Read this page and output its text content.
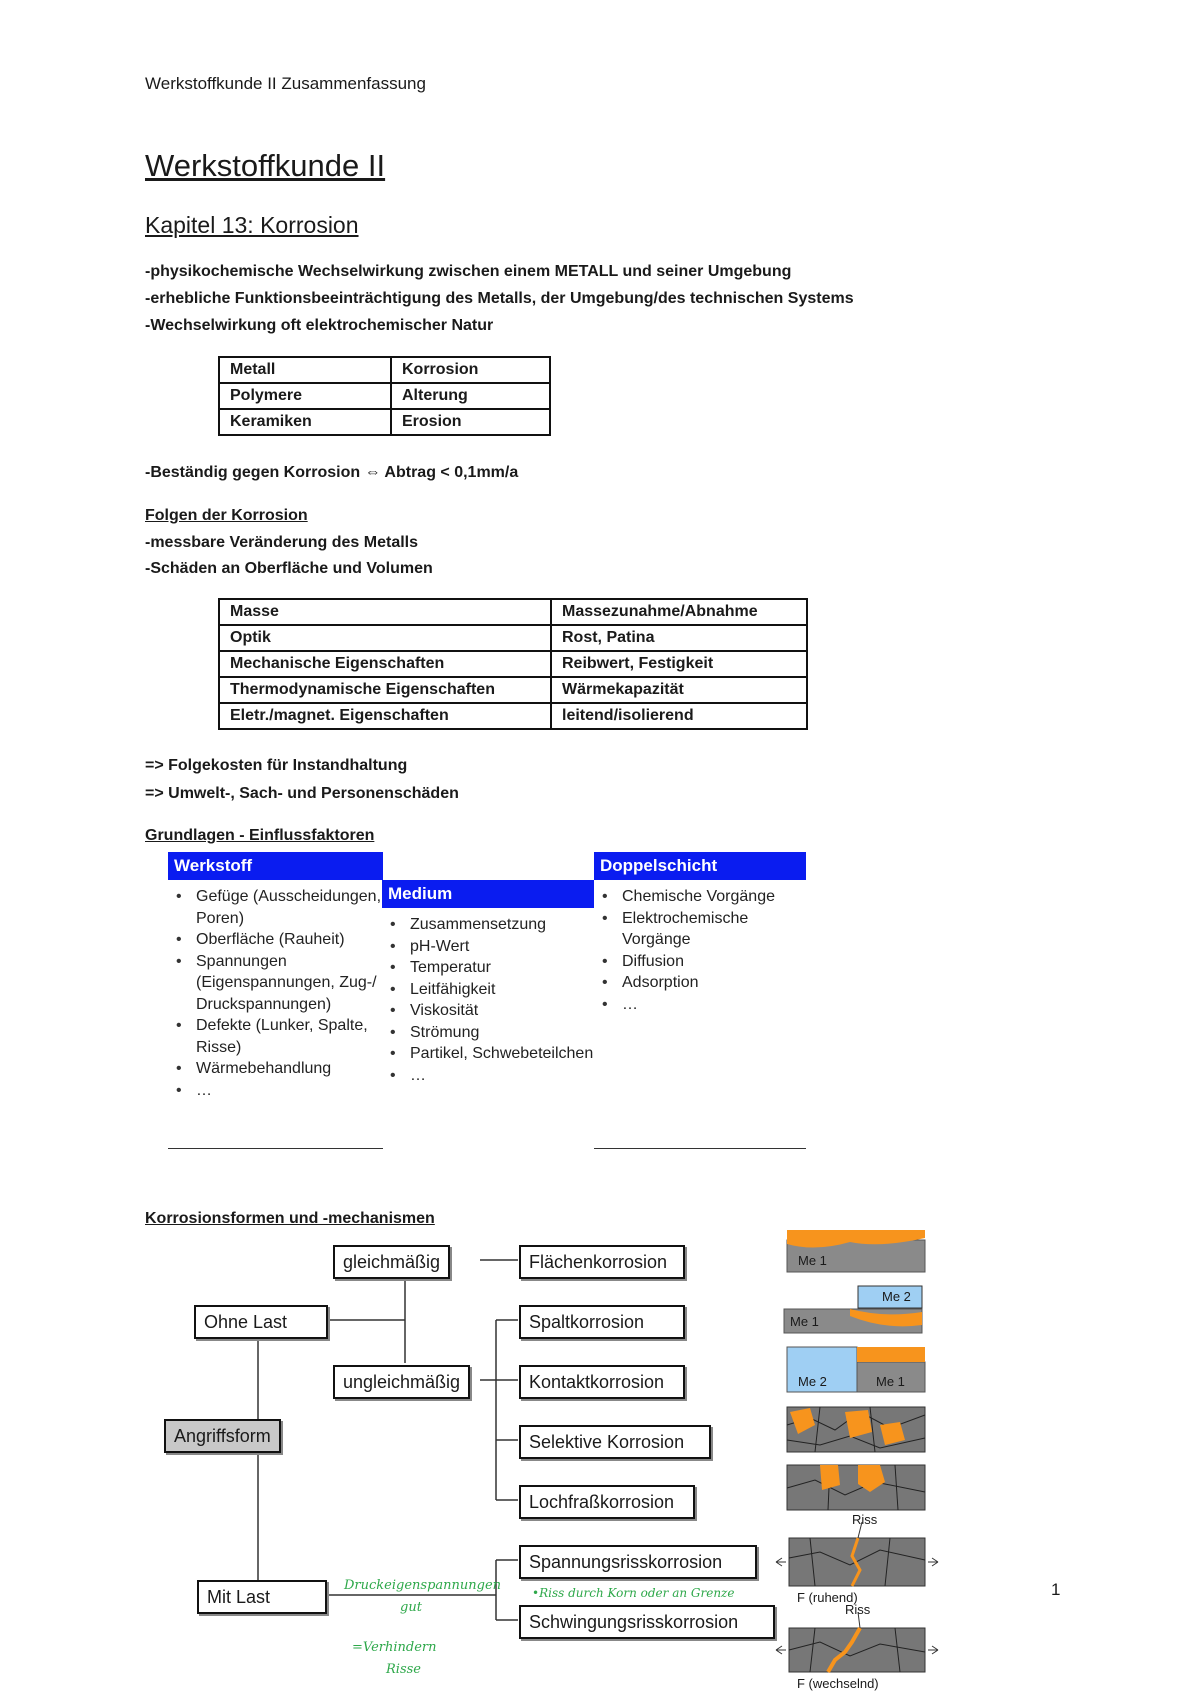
Werkstoffkunde II Zusammenfassung
Werkstoffkunde II
Kapitel 13: Korrosion
-physikochemische Wechselwirkung zwischen einem METALL und seiner Umgebung
-erhebliche Funktionsbeeinträchtigung des Metalls, der Umgebung/des technischen Systems
-Wechselwirkung oft elektrochemischer Natur
Metall	Korrosion
Polymere	Alterung
Keramiken	Erosion
-Beständig gegen Korrosion ⇔ Abtrag < 0,1mm/a
Folgen der Korrosion
-messbare Veränderung des Metalls
-Schäden an Oberfläche und Volumen
Masse	Massezunahme/Abnahme
Optik	Rost, Patina
Mechanische Eigenschaften	Reibwert, Festigkeit
Thermodynamische Eigenschaften	Wärmekapazität
Eletr./magnet. Eigenschaften	leitend/isolierend
=> Folgekosten für Instandhaltung
=> Umwelt-, Sach- und Personenschäden
Grundlagen - Einflussfaktoren
Werkstoff
• Gefüge (Ausscheidungen, Poren)
• Oberfläche (Rauheit)
• Spannungen (Eigenspannungen, Zug-/ Druckspannungen)
• Defekte (Lunker, Spalte, Risse)
• Wärmebehandlung
• …
Medium
• Zusammensetzung
• pH-Wert
• Temperatur
• Leitfähigkeit
• Viskosität
• Strömung
• Partikel, Schwebeteilchen
• …
Doppelschicht
• Chemische Vorgänge
• Elektrochemische Vorgänge
• Diffusion
• Adsorption
• …
Korrosionsformen und -mechanismen
gleichmäßig
Ohne Last
ungleichmäßig
Angriffsform
Mit Last
Flächenkorrosion
Spaltkorrosion
Kontaktkorrosion
Selektive Korrosion
Lochfraßkorrosion
Spannungsrisskorrosion
Schwingungsrisskorrosion
Me 1
Me 1
Me 2
Me 2	Me 1
Riss
F (ruhend)
Riss
F (wechselnd)
Druckeigenspannungen
gut
•Riss durch Korn oder an Grenze
=Verhindern
Risse
1
